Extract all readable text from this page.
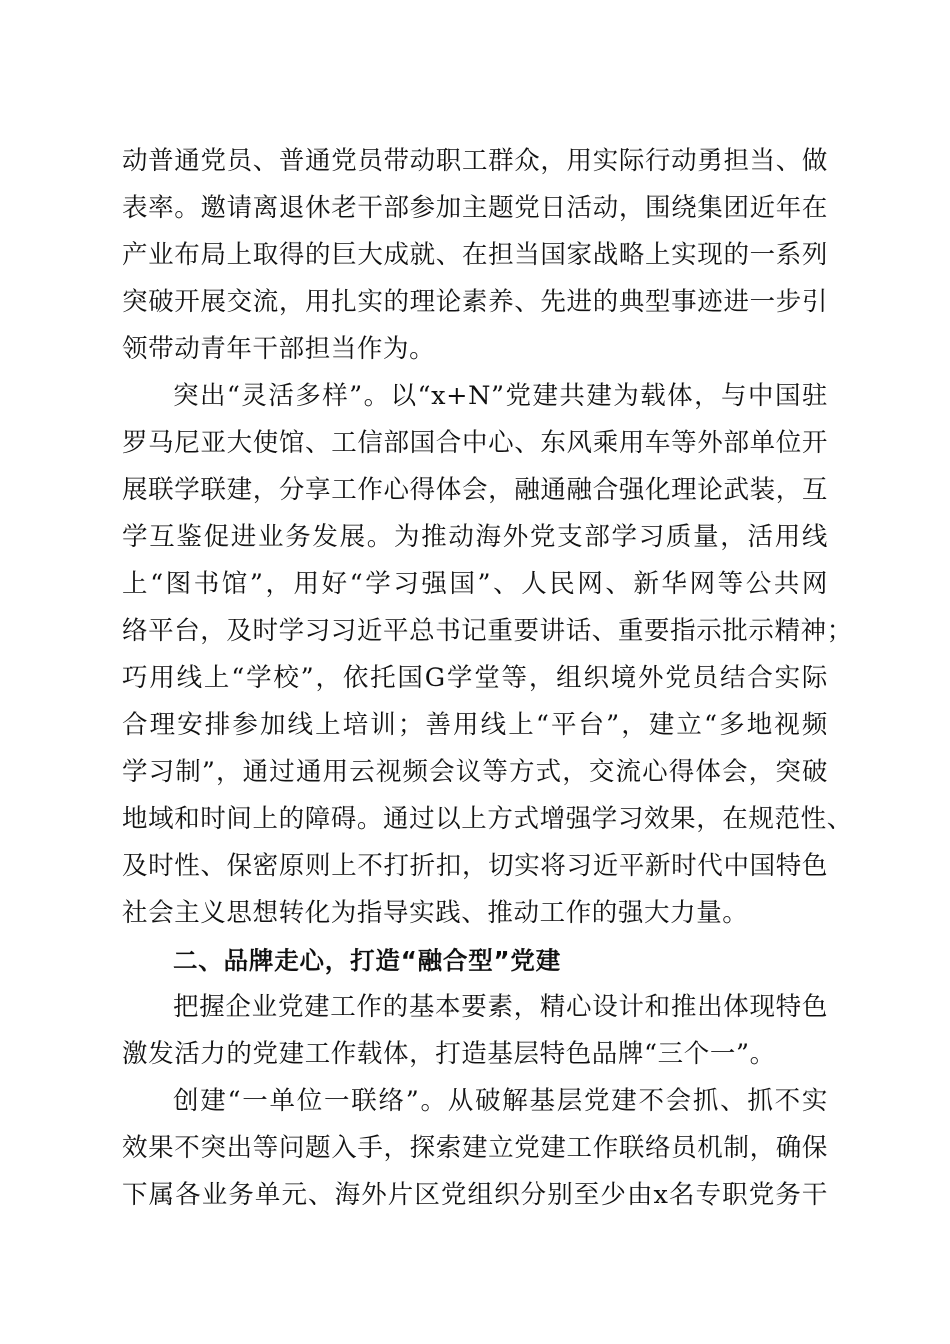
动普通党员、普通党员带动职工群众，用实际行动勇担当、做
表率。邀请离退休老干部参加主题党日活动，围绕集团近年在
产业布局上取得的巨大成就、在担当国家战略上实现的一系列
突破开展交流，用扎实的理论素养、先进的典型事迹进一步引
领带动青年干部担当作为。
突出“灵活多样”。以“x+N”党建共建为载体，与中国驻
罗马尼亚大使馆、工信部国合中心、东风乘用车等外部单位开
展联学联建，分享工作心得体会，融通融合强化理论武装，互
学互鉴促进业务发展。为推动海外党支部学习质量，活用线
上“图书馆”，用好“学习强国”、人民网、新华网等公共网
络平台，及时学习习近平总书记重要讲话、重要指示批示精神；
巧用线上“学校”，依托国G学堂等，组织境外党员结合实际
合理安排参加线上培训；善用线上“平台”，建立“多地视频
学习制”，通过通用云视频会议等方式，交流心得体会，突破
地域和时间上的障碍。通过以上方式增强学习效果，在规范性、
及时性、保密原则上不打折扣，切实将习近平新时代中国特色
社会主义思想转化为指导实践、推动工作的强大力量。
二、品牌走心，打造“融合型”党建
把握企业党建工作的基本要素，精心设计和推出体现特色
激发活力的党建工作载体，打造基层特色品牌“三个一”。
创建“一单位一联络”。从破解基层党建不会抓、抓不实
效果不突出等问题入手，探索建立党建工作联络员机制，确保
下属各业务单元、海外片区党组织分别至少由x名专职党务干
